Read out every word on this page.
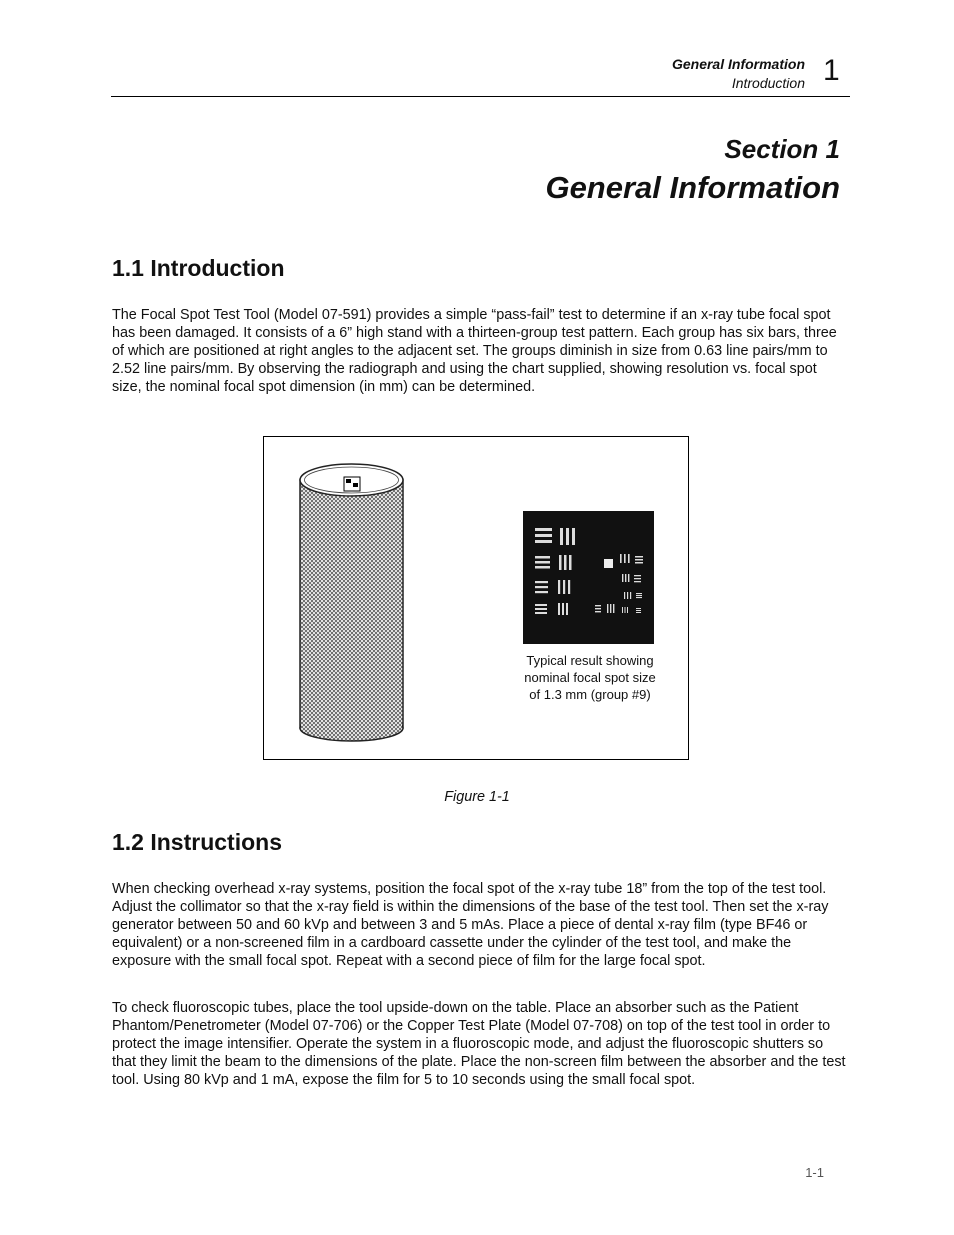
General Information
Introduction 1
Section 1
General Information
1.1 Introduction

The Focal Spot Test Tool (Model 07-591) provides a simple “pass-fail” test to determine if an x-ray tube focal spot has been damaged. It consists of a 6” high stand with a thirteen-group test pattern. Each group has six bars, three of which are positioned at right angles to the adjacent set. The groups diminish in size from 0.63 line pairs/mm to 2.52 line pairs/mm. By observing the radiograph and using the chart supplied, showing resolution vs. focal spot size, the nominal focal spot dimension (in mm) can be determined.

Typical result showing
nominal focal spot size
of 1.3 mm (group #9)
Figure 1-1
1.2 Instructions

When checking overhead x-ray systems, position the focal spot of the x-ray tube 18” from the top of the test tool. Adjust the collimator so that the x-ray field is within the dimensions of the base of the test tool. Then set the x-ray generator between 50 and 60 kVp and between 3 and 5 mAs. Place a piece of dental x-ray film (type BF46 or equivalent) or a non-screened film in a cardboard cassette under the cylinder of the test tool, and make the exposure with the small focal spot. Repeat with a second piece of film for the large focal spot.

To check fluoroscopic tubes, place the tool upside-down on the table. Place an absorber such as the Patient Phantom/Penetrometer (Model 07-706) or the Copper Test Plate (Model 07-708) on top of the test tool in order to protect the image intensifier. Operate the system in a fluoroscopic mode, and adjust the fluoroscopic shutters so that they limit the beam to the dimensions of the plate. Place the non-screen film between the absorber and the test tool. Using 80 kVp and 1 mA, expose the film for 5 to 10 seconds using the small focal spot.

1-1
